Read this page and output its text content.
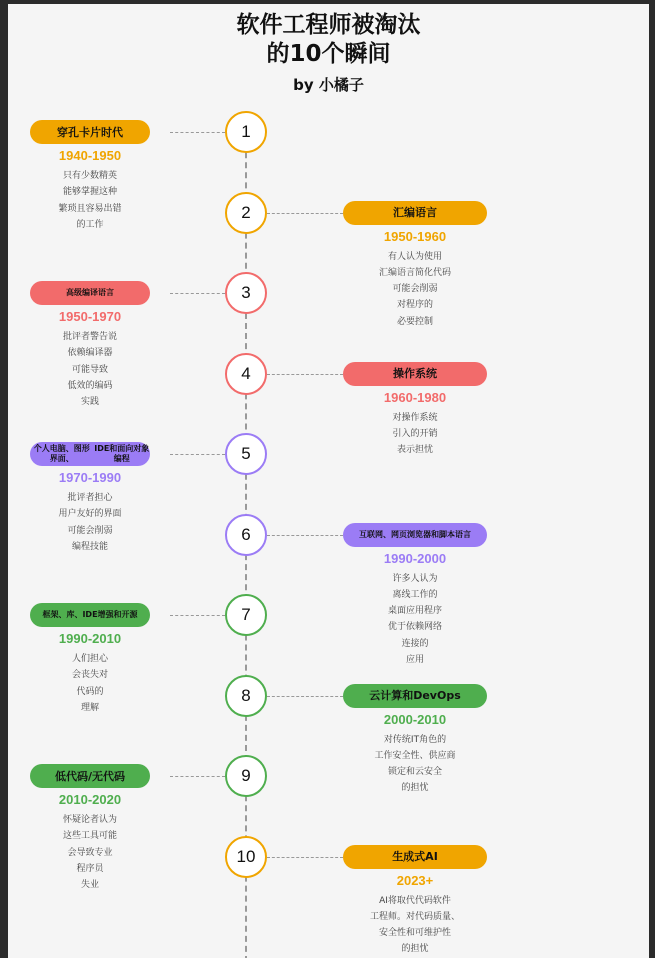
软件工程师被淘汰
的10个瞬间
by 小橘子
1
穿孔卡片时代
1940-1950
只有少数精英
能够掌握这种
繁琐且容易出错
的工作
2	汇编语言
1950-1960
有人认为使用
汇编语言简化代码
可能会削弱
对程序的
必要控制
3
高级编译 语言
1950-1970
批评者警告说
依赖编译器
可能导致
低效的编码
实践
4	操作系统
1960-1980
对操作系统
引入的开销
表示担忧
5
个人电脑、图形界面、

IDE和面向对象编程
1970-1990
批评者担心
用户友好的界面
可能会削弱
编程技能
6	互联网、网页 浏览器和脚本 语言
1990-2000
许多人认为
离线工作的
桌面应用程序
优于依赖网络
连接的
应用
7
框架、库、 IDE增强和 开源
1990-2010
人们担心
会丧失对
代码的
理解
8	云计算和DevOps
2000-2010
对传统IT角色的
工作安全性、供应商
锁定和云安全
的担忧
9
低代码/无代码
2010-2020
怀疑论者认为
这些工具可能
会导致专业
程序员
失业
10	生成式AI
2023+
AI将取代代码软件
工程师。对代码质量、
安全性和可维护性
的担忧
